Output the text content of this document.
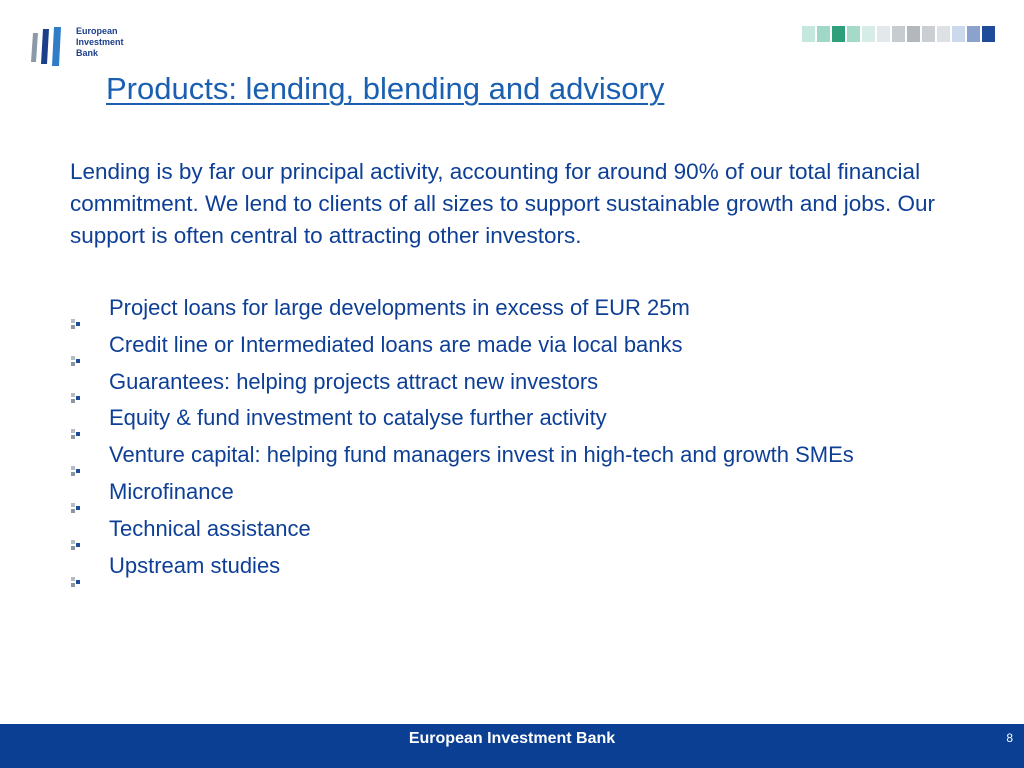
European
Investment
Bank
Products: lending, blending and advisory

Lending is by far our principal activity, accounting for around 90% of our total financial commitment. We lend to clients of all sizes to support sustainable growth and jobs. Our support is often central to attracting other investors.

Project loans for large developments in excess of EUR 25m
Credit line or Intermediated loans are made via local banks
Guarantees: helping projects attract new investors
Equity & fund investment to catalyse further activity
Venture capital: helping fund managers invest in high-tech and growth SMEs
Microfinance
Technical assistance
Upstream studies
European Investment Bank	8
